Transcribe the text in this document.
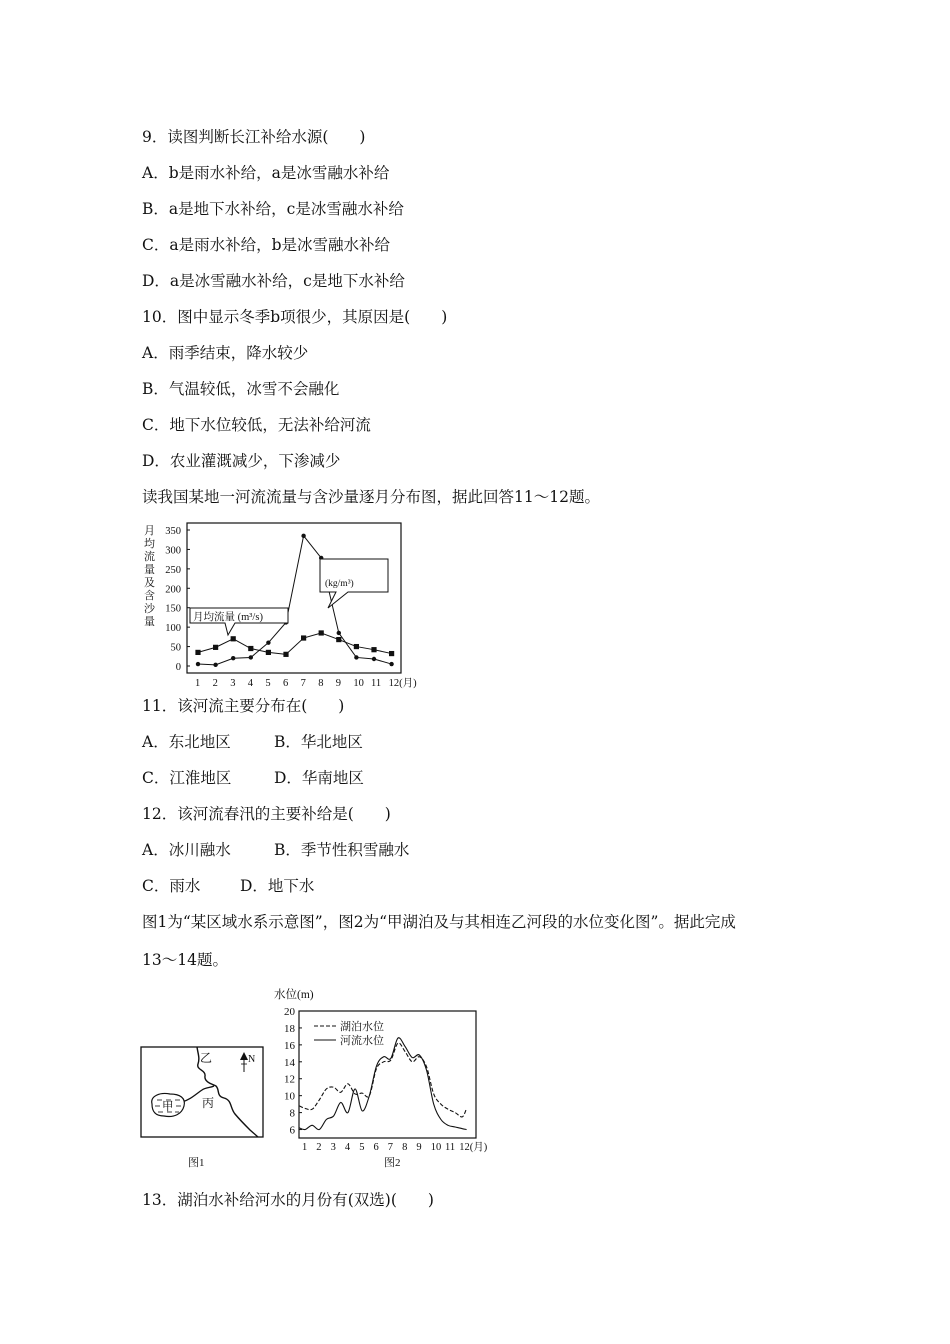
9．读图判断长江补给水源(　　)
A．b是雨水补给，a是冰雪融水补给
B．a是地下水补给，c是冰雪融水补给
C．a是雨水补给，b是冰雪融水补给
D．a是冰雪融水补给，c是地下水补给
10．图中显示冬季b项很少，其原因是(　　)
A．雨季结束，降水较少
B．气温较低，冰雪不会融化
C．地下水位较低，无法补给河流
D．农业灌溉减少，下渗减少
读我国某地一河流流量与含沙量逐月分布图，据此回答11～12题。
月
均
流
量
及
含
沙
量
0
50
100
150
200
250
300
350
1 2 3 4 5 6 7 8 9 10 11 12(月)
月均流量 (m³/s)
(kg/m³)
11．该河流主要分布在(　　)
A．东北地区	B．华北地区
C．江淮地区	D．华南地区
12．该河流春汛的主要补给是(　　)
A．冰川融水	B．季节性积雪融水
C．雨水	D．地下水
图1为“某区域水系示意图”，图2为“甲湖泊及与其相连乙河段的水位变化图”。据此完成
13～14题。
甲 丙
乙	N
图1
水位(m)
6
8
10
12
14
16
18
20
1 2 3 4 5 6 7 8 9 10 11 12(月)
湖泊水位
河流水位
图2
13．湖泊水补给河水的月份有(双选)(　　)
